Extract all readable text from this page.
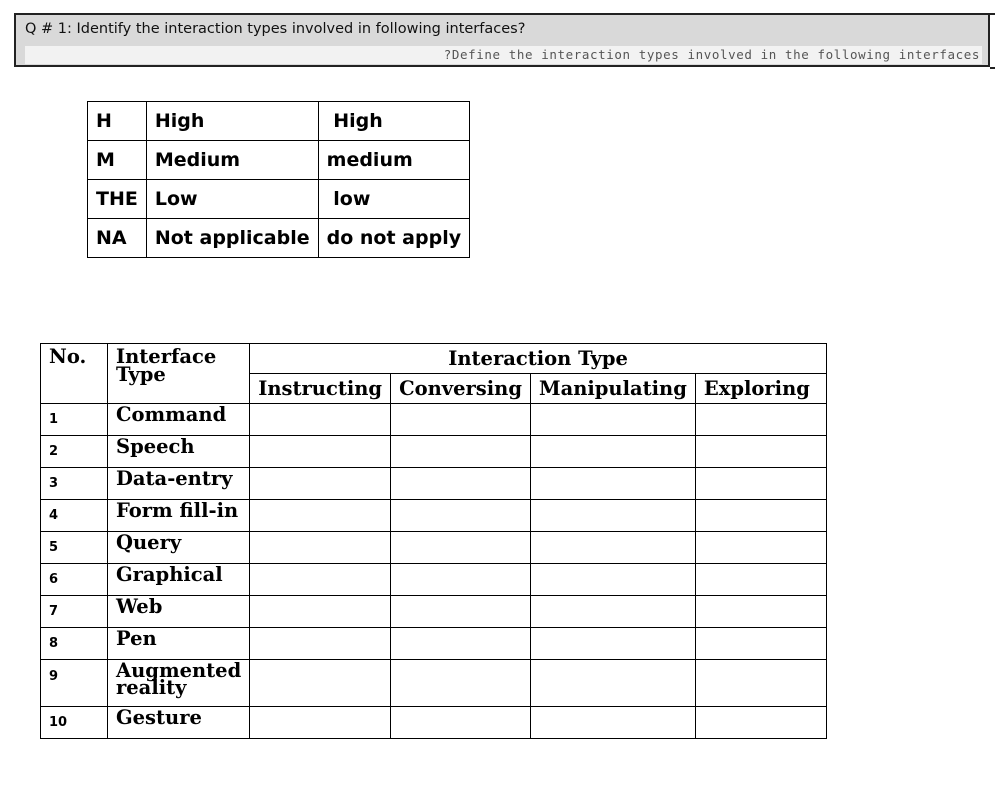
Q # 1: Identify the interaction types involved in following interfaces?
?Define the interaction types involved in the following interfaces
H	High	High
M	Medium	medium
THE	Low	low
NA	Not applicable	do not apply
No.	Interface Type	Interaction Type			
		Instructing	Conversing	Manipulating	Exploring
1	Command				
2	Speech				
3	Data-entry				
4	Form fill-in				
5	Query				
6	Graphical				
7	Web				
8	Pen				
9	Augmented reality				
10	Gesture				
